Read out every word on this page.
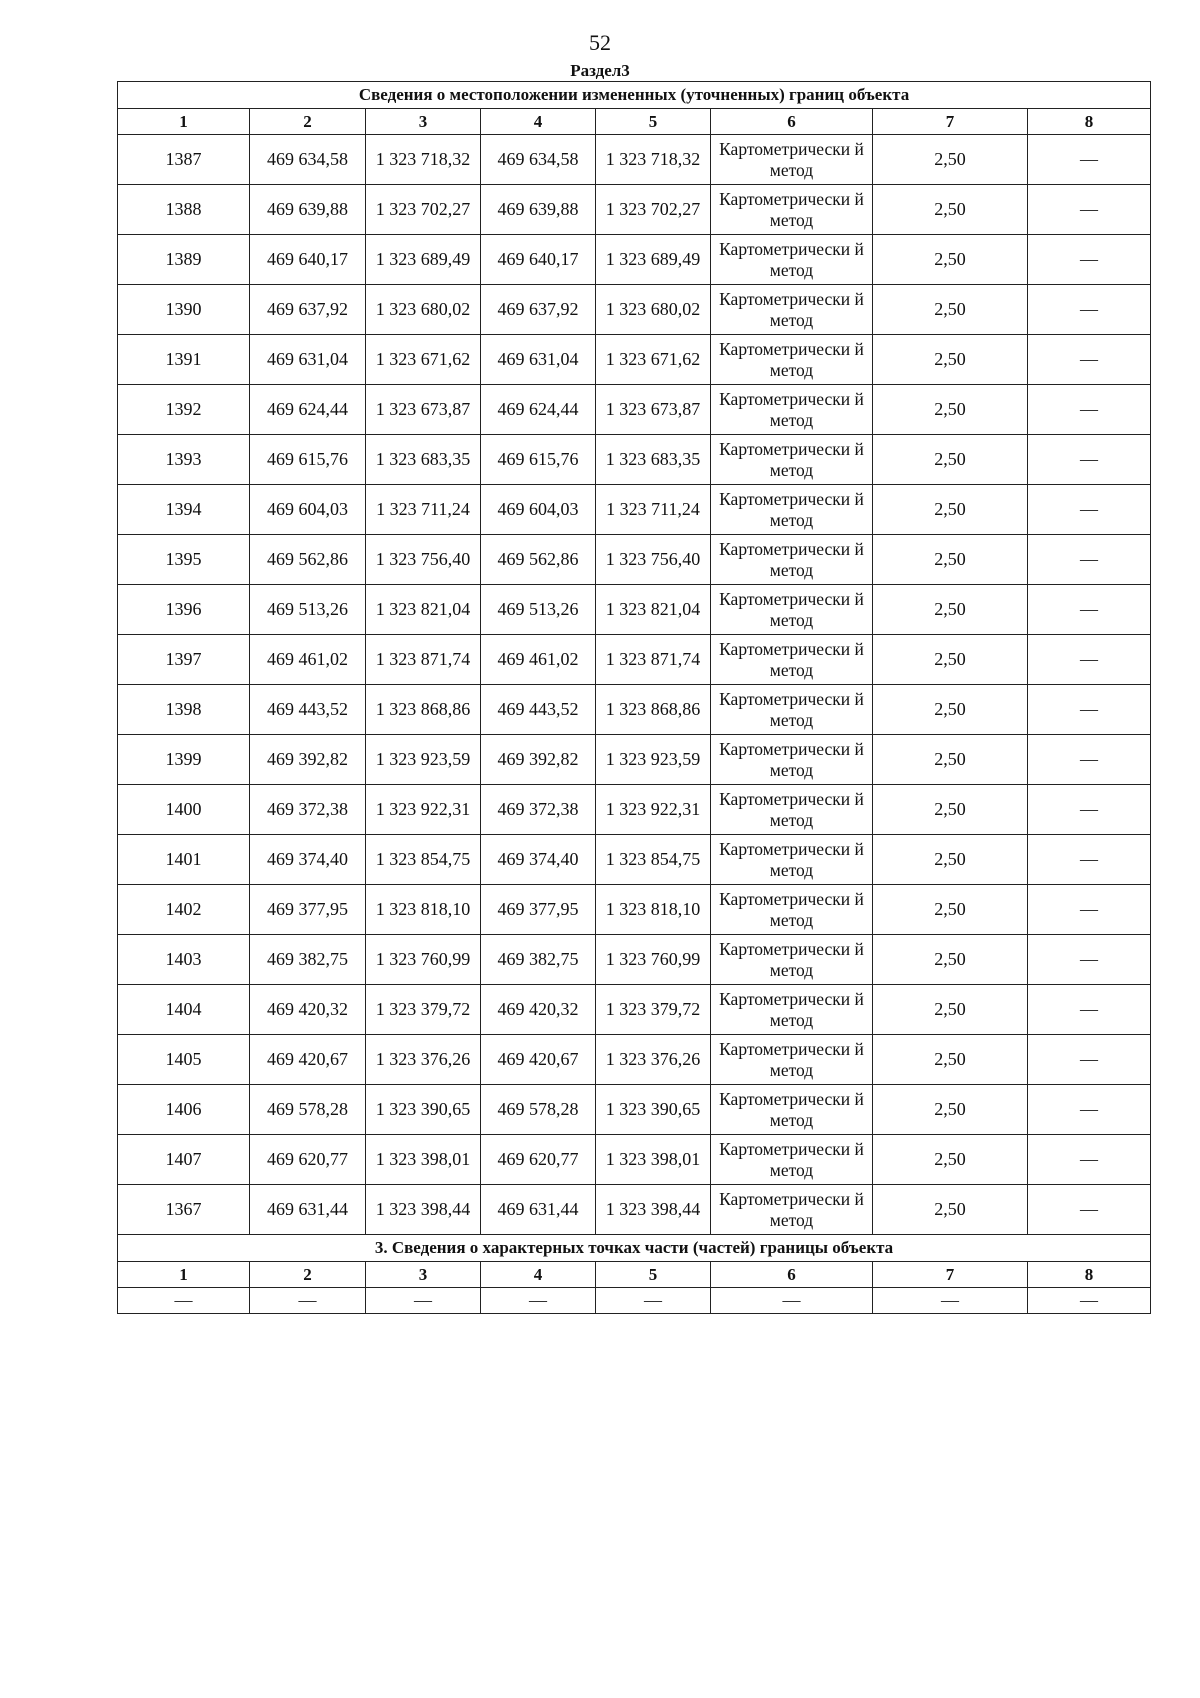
52
Раздел3
Сведения о местоположении измененных (уточненных) границ объекта							
1	2	3	4	5	6	7	8
1387	469 634,58	1 323 718,32	469 634,58	1 323 718,32	Картометрически й метод	2,50	—
1388	469 639,88	1 323 702,27	469 639,88	1 323 702,27	Картометрически й метод	2,50	—
1389	469 640,17	1 323 689,49	469 640,17	1 323 689,49	Картометрически й метод	2,50	—
1390	469 637,92	1 323 680,02	469 637,92	1 323 680,02	Картометрически й метод	2,50	—
1391	469 631,04	1 323 671,62	469 631,04	1 323 671,62	Картометрически й метод	2,50	—
1392	469 624,44	1 323 673,87	469 624,44	1 323 673,87	Картометрически й метод	2,50	—
1393	469 615,76	1 323 683,35	469 615,76	1 323 683,35	Картометрически й метод	2,50	—
1394	469 604,03	1 323 711,24	469 604,03	1 323 711,24	Картометрически й метод	2,50	—
1395	469 562,86	1 323 756,40	469 562,86	1 323 756,40	Картометрически й метод	2,50	—
1396	469 513,26	1 323 821,04	469 513,26	1 323 821,04	Картометрически й метод	2,50	—
1397	469 461,02	1 323 871,74	469 461,02	1 323 871,74	Картометрически й метод	2,50	—
1398	469 443,52	1 323 868,86	469 443,52	1 323 868,86	Картометрически й метод	2,50	—
1399	469 392,82	1 323 923,59	469 392,82	1 323 923,59	Картометрически й метод	2,50	—
1400	469 372,38	1 323 922,31	469 372,38	1 323 922,31	Картометрически й метод	2,50	—
1401	469 374,40	1 323 854,75	469 374,40	1 323 854,75	Картометрически й метод	2,50	—
1402	469 377,95	1 323 818,10	469 377,95	1 323 818,10	Картометрически й метод	2,50	—
1403	469 382,75	1 323 760,99	469 382,75	1 323 760,99	Картометрически й метод	2,50	—
1404	469 420,32	1 323 379,72	469 420,32	1 323 379,72	Картометрически й метод	2,50	—
1405	469 420,67	1 323 376,26	469 420,67	1 323 376,26	Картометрически й метод	2,50	—
1406	469 578,28	1 323 390,65	469 578,28	1 323 390,65	Картометрически й метод	2,50	—
1407	469 620,77	1 323 398,01	469 620,77	1 323 398,01	Картометрически й метод	2,50	—
1367	469 631,44	1 323 398,44	469 631,44	1 323 398,44	Картометрически й метод	2,50	—
3. Сведения о характерных точках части (частей) границы объекта							
1	2	3	4	5	6	7	8
—	—	—	—	—	—	—	—
